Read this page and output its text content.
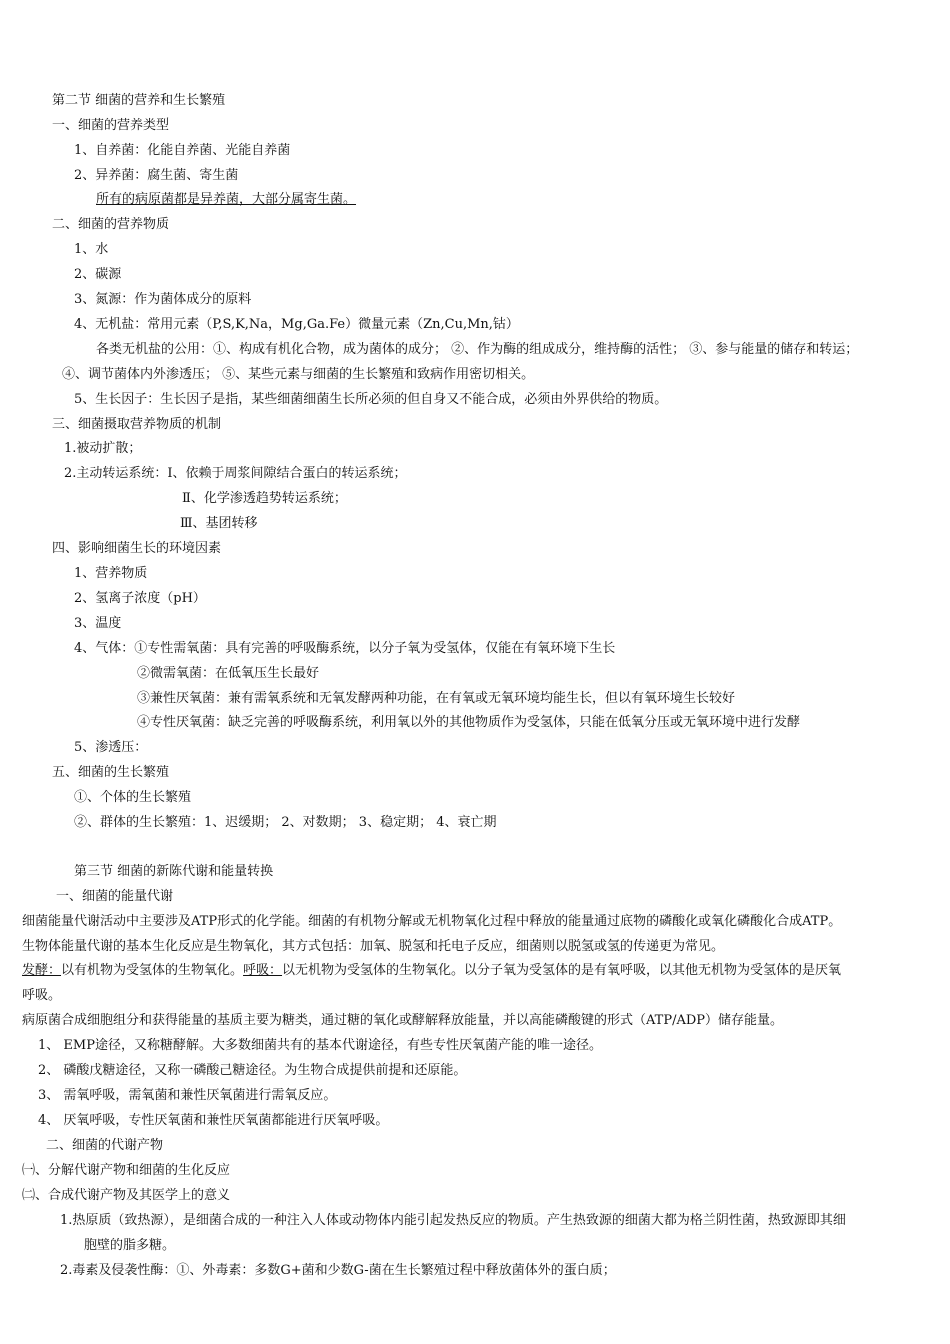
第二节 细菌的营养和生长繁殖
一、细菌的营养类型
1、自养菌：化能自养菌、光能自养菌
2、异养菌：腐生菌、寄生菌
所有的病原菌都是异养菌，大部分属寄生菌。
二、细菌的营养物质
1、水
2、碳源
3、氮源：作为菌体成分的原料
4、无机盐：常用元素（P,S,K,Na，Mg,Ga.Fe）微量元素（Zn,Cu,Mn,钴）
各类无机盐的公用：①、构成有机化合物，成为菌体的成分； ②、作为酶的组成成分，维持酶的活性； ③、参与能量的储存和转运；
④、调节菌体内外渗透压； ⑤、某些元素与细菌的生长繁殖和致病作用密切相关。
5、生长因子：生长因子是指，某些细菌细菌生长所必须的但自身又不能合成，必须由外界供给的物质。
三、细菌摄取营养物质的机制
1.被动扩散；
2.主动转运系统：Ⅰ、依赖于周浆间隙结合蛋白的转运系统；
Ⅱ、化学渗透趋势转运系统；
Ⅲ、基团转移
四、影响细菌生长的环境因素
1、营养物质
2、氢离子浓度（pH）
3、温度
4、气体：①专性需氧菌：具有完善的呼吸酶系统，以分子氧为受氢体，仅能在有氧环境下生长
②微需氧菌：在低氧压生长最好
③兼性厌氧菌：兼有需氧系统和无氧发酵两种功能，在有氧或无氧环境均能生长，但以有氧环境生长较好
④专性厌氧菌：缺乏完善的呼吸酶系统，利用氧以外的其他物质作为受氢体，只能在低氧分压或无氧环境中进行发酵
5、渗透压：
五、细菌的生长繁殖
①、个体的生长繁殖
②、群体的生长繁殖：1、迟缓期； 2、对数期； 3、稳定期； 4、衰亡期
第三节 细菌的新陈代谢和能量转换
一、细菌的能量代谢
细菌能量代谢活动中主要涉及ATP形式的化学能。细菌的有机物分解或无机物氧化过程中释放的能量通过底物的磷酸化或氧化磷酸化合成ATP。
生物体能量代谢的基本生化反应是生物氧化，其方式包括：加氧、脱氢和托电子反应，细菌则以脱氢或氢的传递更为常见。
发酵：以有机物为受氢体的生物氧化。呼吸：以无机物为受氢体的生物氧化。以分子氧为受氢体的是有氧呼吸，以其他无机物为受氢体的是厌氧
呼吸。
病原菌合成细胞组分和获得能量的基质主要为糖类，通过糖的氧化或酵解释放能量，并以高能磷酸键的形式（ATP/ADP）储存能量。
1、 EMP途径，又称糖酵解。大多数细菌共有的基本代谢途径，有些专性厌氧菌产能的唯一途径。
2、 磷酸戊糖途径，又称一磷酸己糖途径。为生物合成提供前提和还原能。
3、 需氧呼吸，需氧菌和兼性厌氧菌进行需氧反应。
4、 厌氧呼吸，专性厌氧菌和兼性厌氧菌都能进行厌氧呼吸。
二、细菌的代谢产物
㈠、分解代谢产物和细菌的生化反应
㈡、合成代谢产物及其医学上的意义
1.热原质（致热源），是细菌合成的一种注入人体或动物体内能引起发热反应的物质。产生热致源的细菌大都为格兰阴性菌，热致源即其细
胞壁的脂多糖。
2.毒素及侵袭性酶：①、外毒素：多数G+菌和少数G-菌在生长繁殖过程中释放菌体外的蛋白质；
